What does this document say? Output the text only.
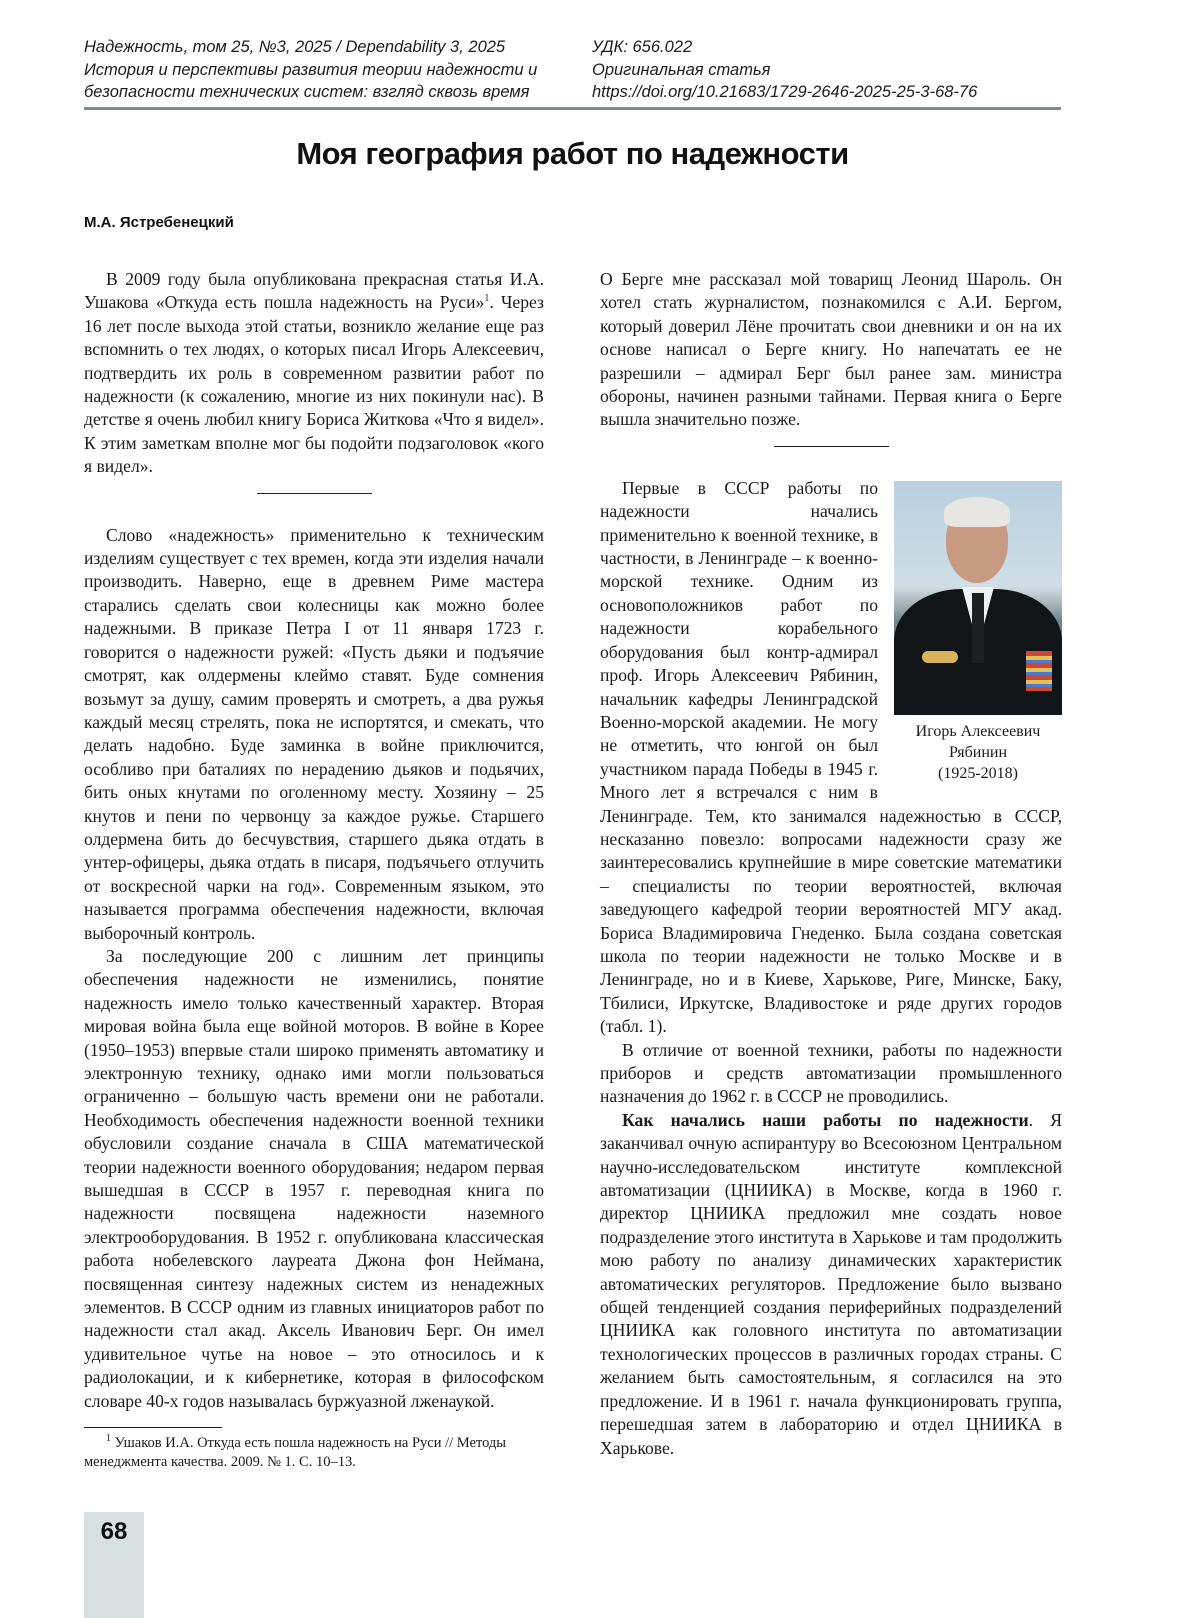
Надежность, том 25, №3, 2025 / Dependability 3, 2025
История и перспективы развития теории надежности и
безопасности технических систем: взгляд сквозь время
УДК: 656.022
Оригинальная статья
https://doi.org/10.21683/1729-2646-2025-25-3-68-76
Моя география работ по надежности
М.А. Ястребенецкий

В 2009 году была опубликована прекрасная статья И.А. Ушакова «Откуда есть пошла надежность на Руси»$^1$. Через 16 лет после выхода этой статьи, возникло желание еще раз вспомнить о тех людях, о которых писал Игорь Алексеевич, подтвердить их роль в современном развитии работ по надежности (к сожалению, многие из них покинули нас). В детстве я очень любил книгу Бориса Житкова «Что я видел». К этим заметкам вполне мог бы подойти подзаголовок «кого я видел».

Слово «надежность» применительно к техническим изделиям существует с тех времен, когда эти изделия начали производить. Наверно, еще в древнем Риме мастера старались сделать свои колесницы как можно более надежными. В приказе Петра I от 11 января 1723 г. говорится о надежности ружей: «Пусть дьяки и подъячие смотрят, как олдермены клеймо ставят. Буде сомнения возьмут за душу, самим проверять и смотреть, а два ружья каждый месяц стрелять, пока не испортятся, и смекать, что делать надобно. Буде заминка в войне приключится, особливо при баталиях по нерадению дьяков и подьячих, бить оных кнутами по оголенному месту. Хозяину – 25 кнутов и пени по червонцу за каждое ружье. Старшего олдермена бить до бесчувствия, старшего дьяка отдать в унтер-офицеры, дьяка отдать в писаря, подъячьего отлучить от воскресной чарки на год». Современным языком, это называется программа обеспечения надежности, включая выборочный контроль.

За последующие 200 с лишним лет принципы обеспечения надежности не изменились, понятие надежность имело только качественный характер. Вторая мировая война была еще войной моторов. В войне в Корее (1950–1953) впервые стали широко применять автоматику и электронную технику, однако ими могли пользоваться ограниченно – большую часть времени они не работали. Необходимость обеспечения надежности военной техники обусловили создание сначала в США математической теории надежности военного оборудования; недаром первая вышедшая в СССР в 1957 г. переводная книга по надежности посвящена надежности наземного электрооборудования. В 1952 г. опубликована классическая работа нобелевского лауреата Джона фон Неймана, посвященная синтезу надежных систем из ненадежных элементов. В СССР одним из главных инициаторов работ по надежности стал акад. Аксель Иванович Берг. Он имел удивительное чутье на новое – это относилось и к радиолокации, и к кибернетике, которая в философском словаре 40-х годов называлась буржуазной лженаукой.

$^1$ Ушаков И.А. Откуда есть пошла надежность на Руси // Методы менеджмента качества. 2009. № 1. С. 10–13.

О Берге мне рассказал мой товарищ Леонид Шароль. Он хотел стать журналистом, познакомился с А.И. Бергом, который доверил Лёне прочитать свои дневники и он на их основе написал о Берге книгу. Но напечатать ее не разрешили – адмирал Берг был ранее зам. министра обороны, начинен разными тайнами. Первая книга о Берге вышла значительно позже.

Игорь Алексеевич
Рябинин
(1925-2018)

Первые в СССР работы по надежности начались применительно к военной технике, в частности, в Ленинграде – к военно-морской технике. Одним из основоположников работ по надежности корабельного оборудования был контр-адмирал проф. Игорь Алексеевич Рябинин, начальник кафедры Ленинградской Военно-морской академии. Не могу не отметить, что юнгой он был участником парада Победы в 1945 г. Много лет я встречался с ним в Ленинграде. Тем, кто занимался надежностью в СССР, несказанно повезло: вопросами надежности сразу же заинтересовались крупнейшие в мире советские математики – специалисты по теории вероятностей, включая заведующего кафедрой теории вероятностей МГУ акад. Бориса Владимировича Гнеденко. Была создана советская школа по теории надежности не только Москве и в Ленинграде, но и в Киеве, Харькове, Риге, Минске, Баку, Тбилиси, Иркутске, Владивостоке и ряде других городов (табл. 1).

В отличие от военной техники, работы по надежности приборов и средств автоматизации промышленного назначения до 1962 г. в СССР не проводились.

Как начались наши работы по надежности. Я заканчивал очную аспирантуру во Всесоюзном Центральном научно-исследовательском институте комплексной автоматизации (ЦНИИКА) в Москве, когда в 1960 г. директор ЦНИИКА предложил мне создать новое подразделение этого института в Харькове и там продолжить мою работу по анализу динамических характеристик автоматических регуляторов. Предложение было вызвано общей тенденцией создания периферийных подразделений ЦНИИКА как головного института по автоматизации технологических процессов в различных городах страны. С желанием быть самостоятельным, я согласился на это предложение. И в 1961 г. начала функционировать группа, перешедшая затем в лабораторию и отдел ЦНИИКА в Харькове.

68
